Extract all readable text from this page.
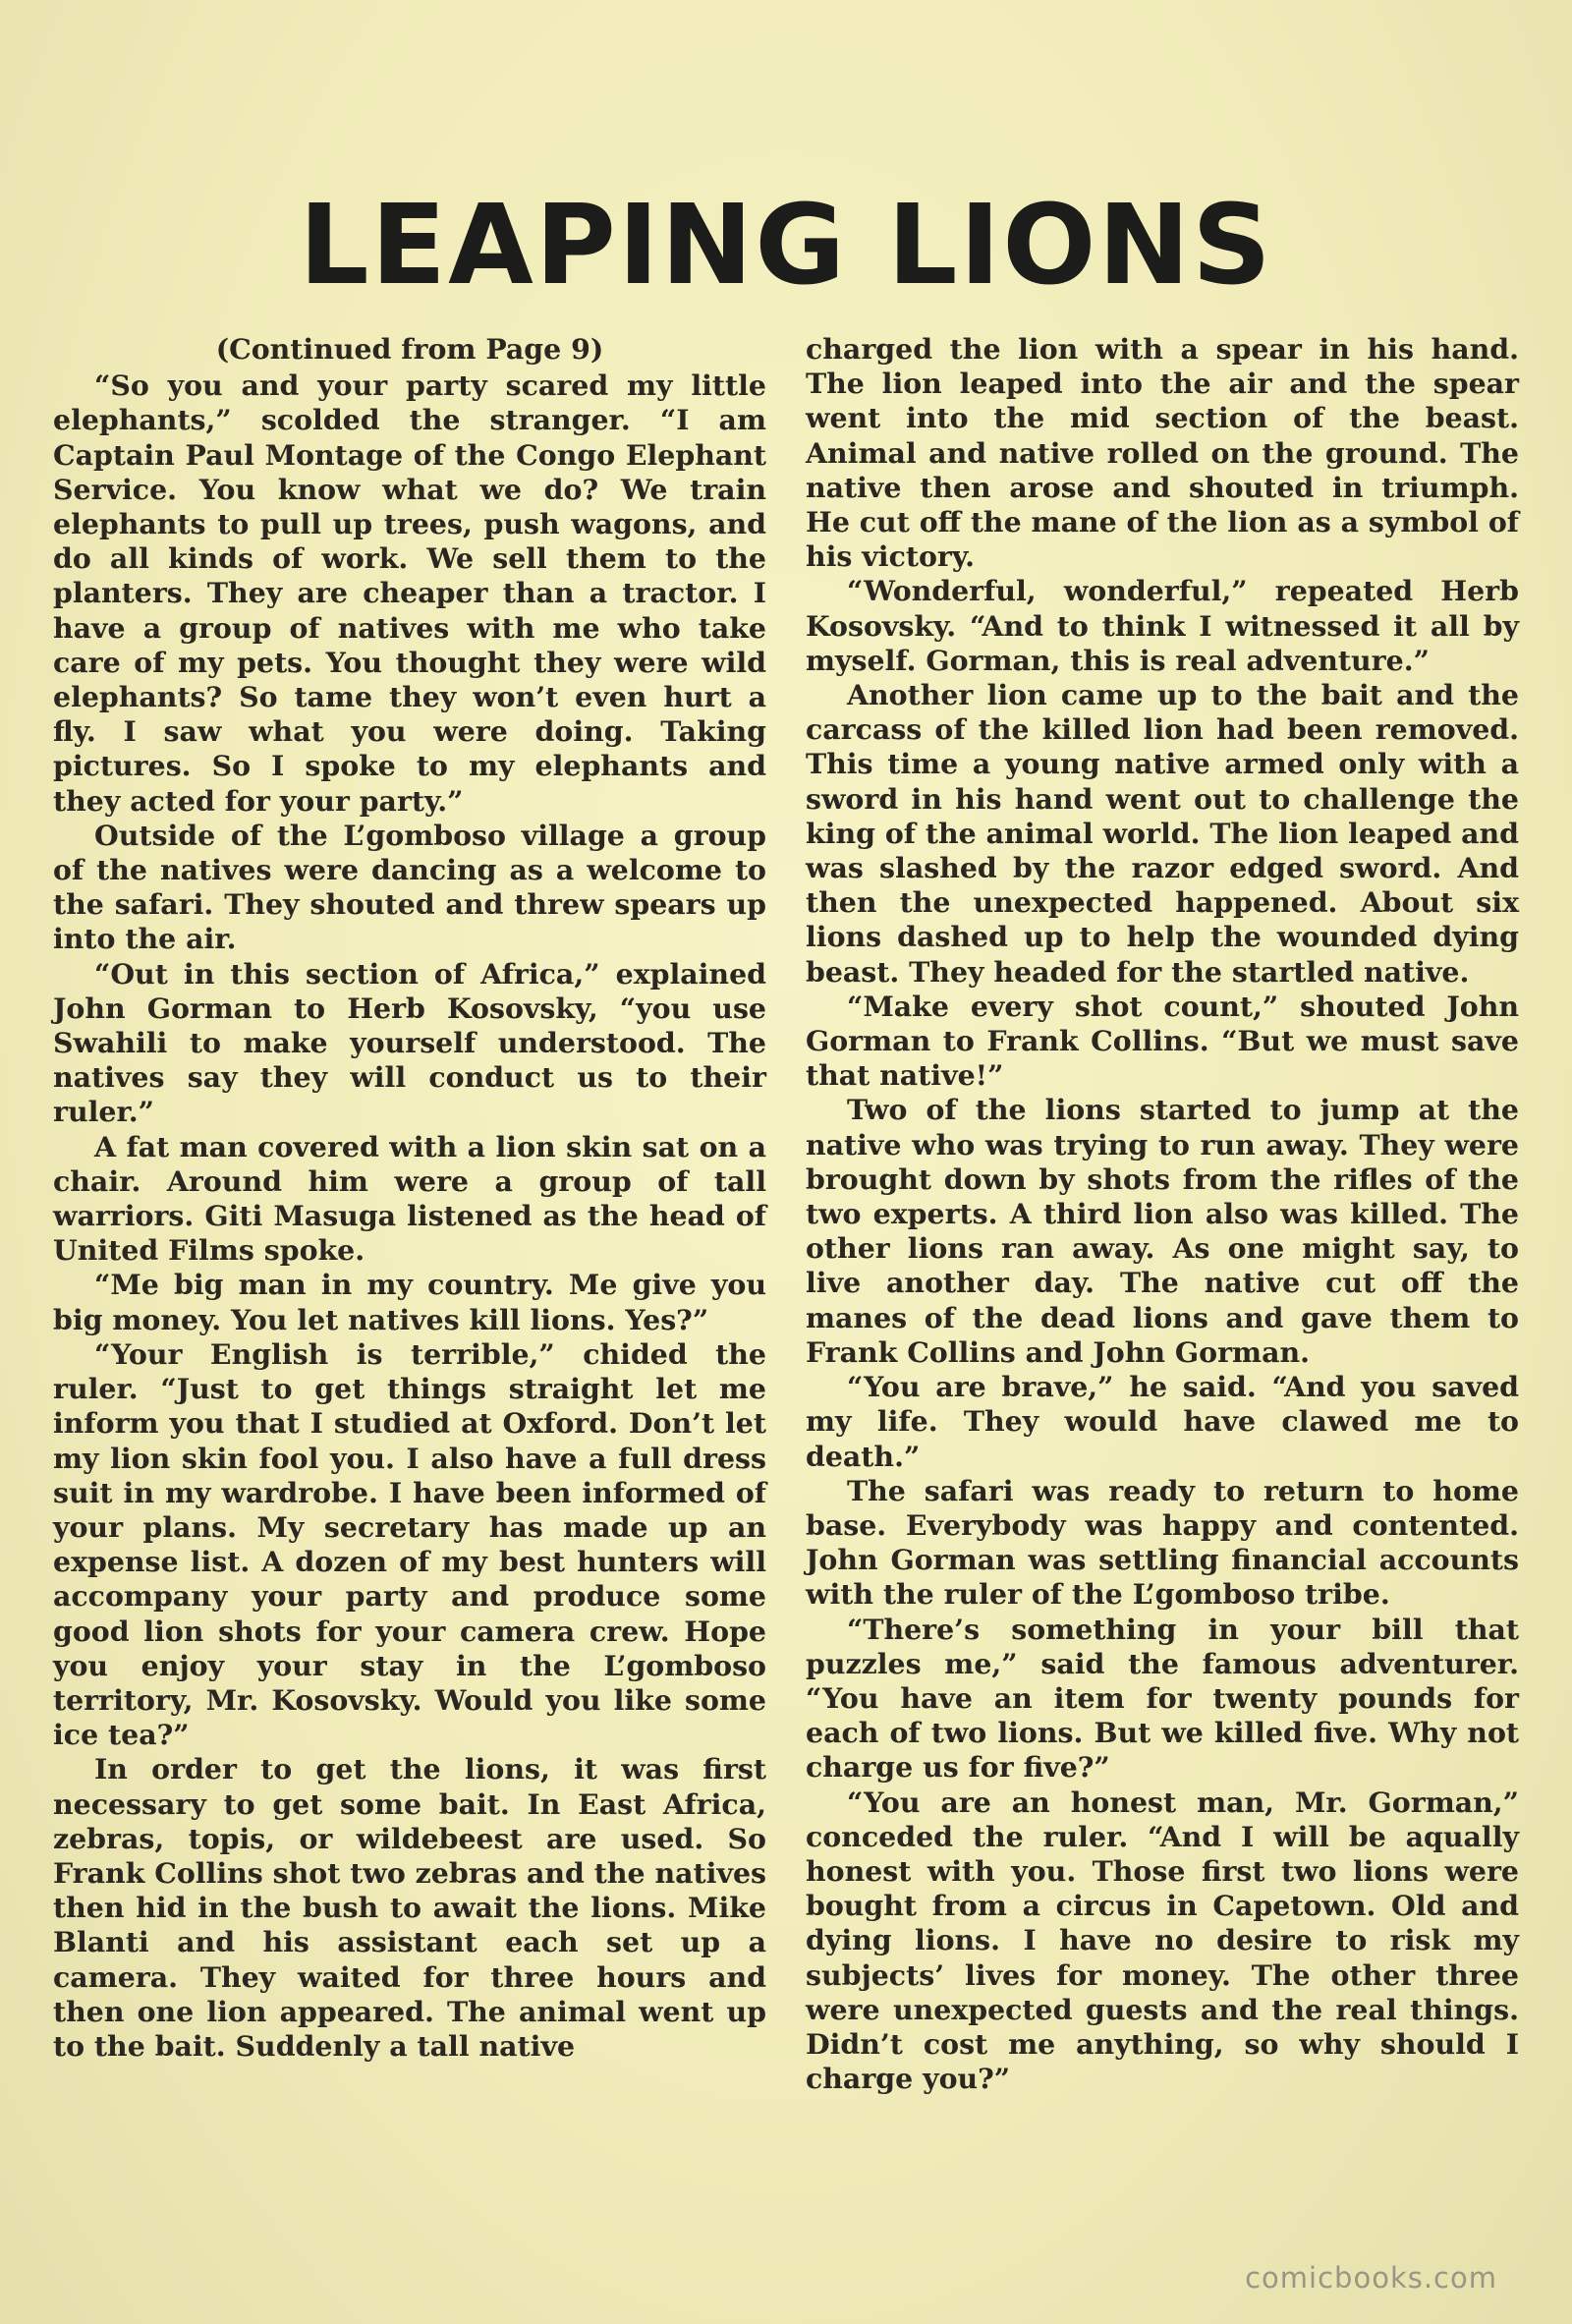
LEAPING LIONS

(Continued from Page 9)

“So you and your party scared my little elephants,” scolded the stranger. “I am Captain Paul Montage of the Congo Elephant Service. You know what we do? We train elephants to pull up trees, push wagons, and do all kinds of work. We sell them to the planters. They are cheaper than a tractor. I have a group of natives with me who take care of my pets. You thought they were wild elephants? So tame they won’t even hurt a fly. I saw what you were doing. Taking pictures. So I spoke to my elephants and they acted for your party.”

Outside of the L’gomboso village a group of the natives were dancing as a welcome to the safari. They shouted and threw spears up into the air.

“Out in this section of Africa,” explained John Gorman to Herb Kosovsky, “you use Swahili to make yourself understood. The natives say they will conduct us to their ruler.”

A fat man covered with a lion skin sat on a chair. Around him were a group of tall warriors. Giti Masuga listened as the head of United Films spoke.

“Me big man in my country. Me give you big money. You let natives kill lions. Yes?”

“Your English is terrible,” chided the ruler. “Just to get things straight let me inform you that I studied at Oxford. Don’t let my lion skin fool you. I also have a full dress suit in my wardrobe. I have been informed of your plans. My secretary has made up an expense list. A dozen of my best hunters will accompany your party and produce some good lion shots for your camera crew. Hope you enjoy your stay in the L’gomboso territory, Mr. Kosovsky. Would you like some ice tea?”

In order to get the lions, it was first necessary to get some bait. In East Africa, zebras, topis, or wildebeest are used. So Frank Collins shot two zebras and the natives then hid in the bush to await the lions. Mike Blanti and his assistant each set up a camera. They waited for three hours and then one lion appeared. The animal went up to the bait. Suddenly a tall native

charged the lion with a spear in his hand. The lion leaped into the air and the spear went into the mid section of the beast. Animal and native rolled on the ground. The native then arose and shouted in triumph. He cut off the mane of the lion as a symbol of his victory.

“Wonderful, wonderful,” repeated Herb Kosovsky. “And to think I witnessed it all by myself. Gorman, this is real adventure.”

Another lion came up to the bait and the carcass of the killed lion had been removed. This time a young native armed only with a sword in his hand went out to challenge the king of the animal world. The lion leaped and was slashed by the razor edged sword. And then the unexpected happened. About six lions dashed up to help the wounded dying beast. They headed for the startled native.

“Make every shot count,” shouted John Gorman to Frank Collins. “But we must save that native!”

Two of the lions started to jump at the native who was trying to run away. They were brought down by shots from the rifles of the two experts. A third lion also was killed. The other lions ran away. As one might say, to live another day. The native cut off the manes of the dead lions and gave them to Frank Collins and John Gorman.

“You are brave,” he said. “And you saved my life. They would have clawed me to death.”

The safari was ready to return to home base. Everybody was happy and contented. John Gorman was settling financial accounts with the ruler of the L’gomboso tribe.

“There’s something in your bill that puzzles me,” said the famous adventurer. “You have an item for twenty pounds for each of two lions. But we killed five. Why not charge us for five?”

“You are an honest man, Mr. Gorman,” conceded the ruler. “And I will be aqually honest with you. Those first two lions were bought from a circus in Capetown. Old and dying lions. I have no desire to risk my subjects’ lives for money. The other three were unexpected guests and the real things. Didn’t cost me anything, so why should I charge you?”

comicbooks.com
